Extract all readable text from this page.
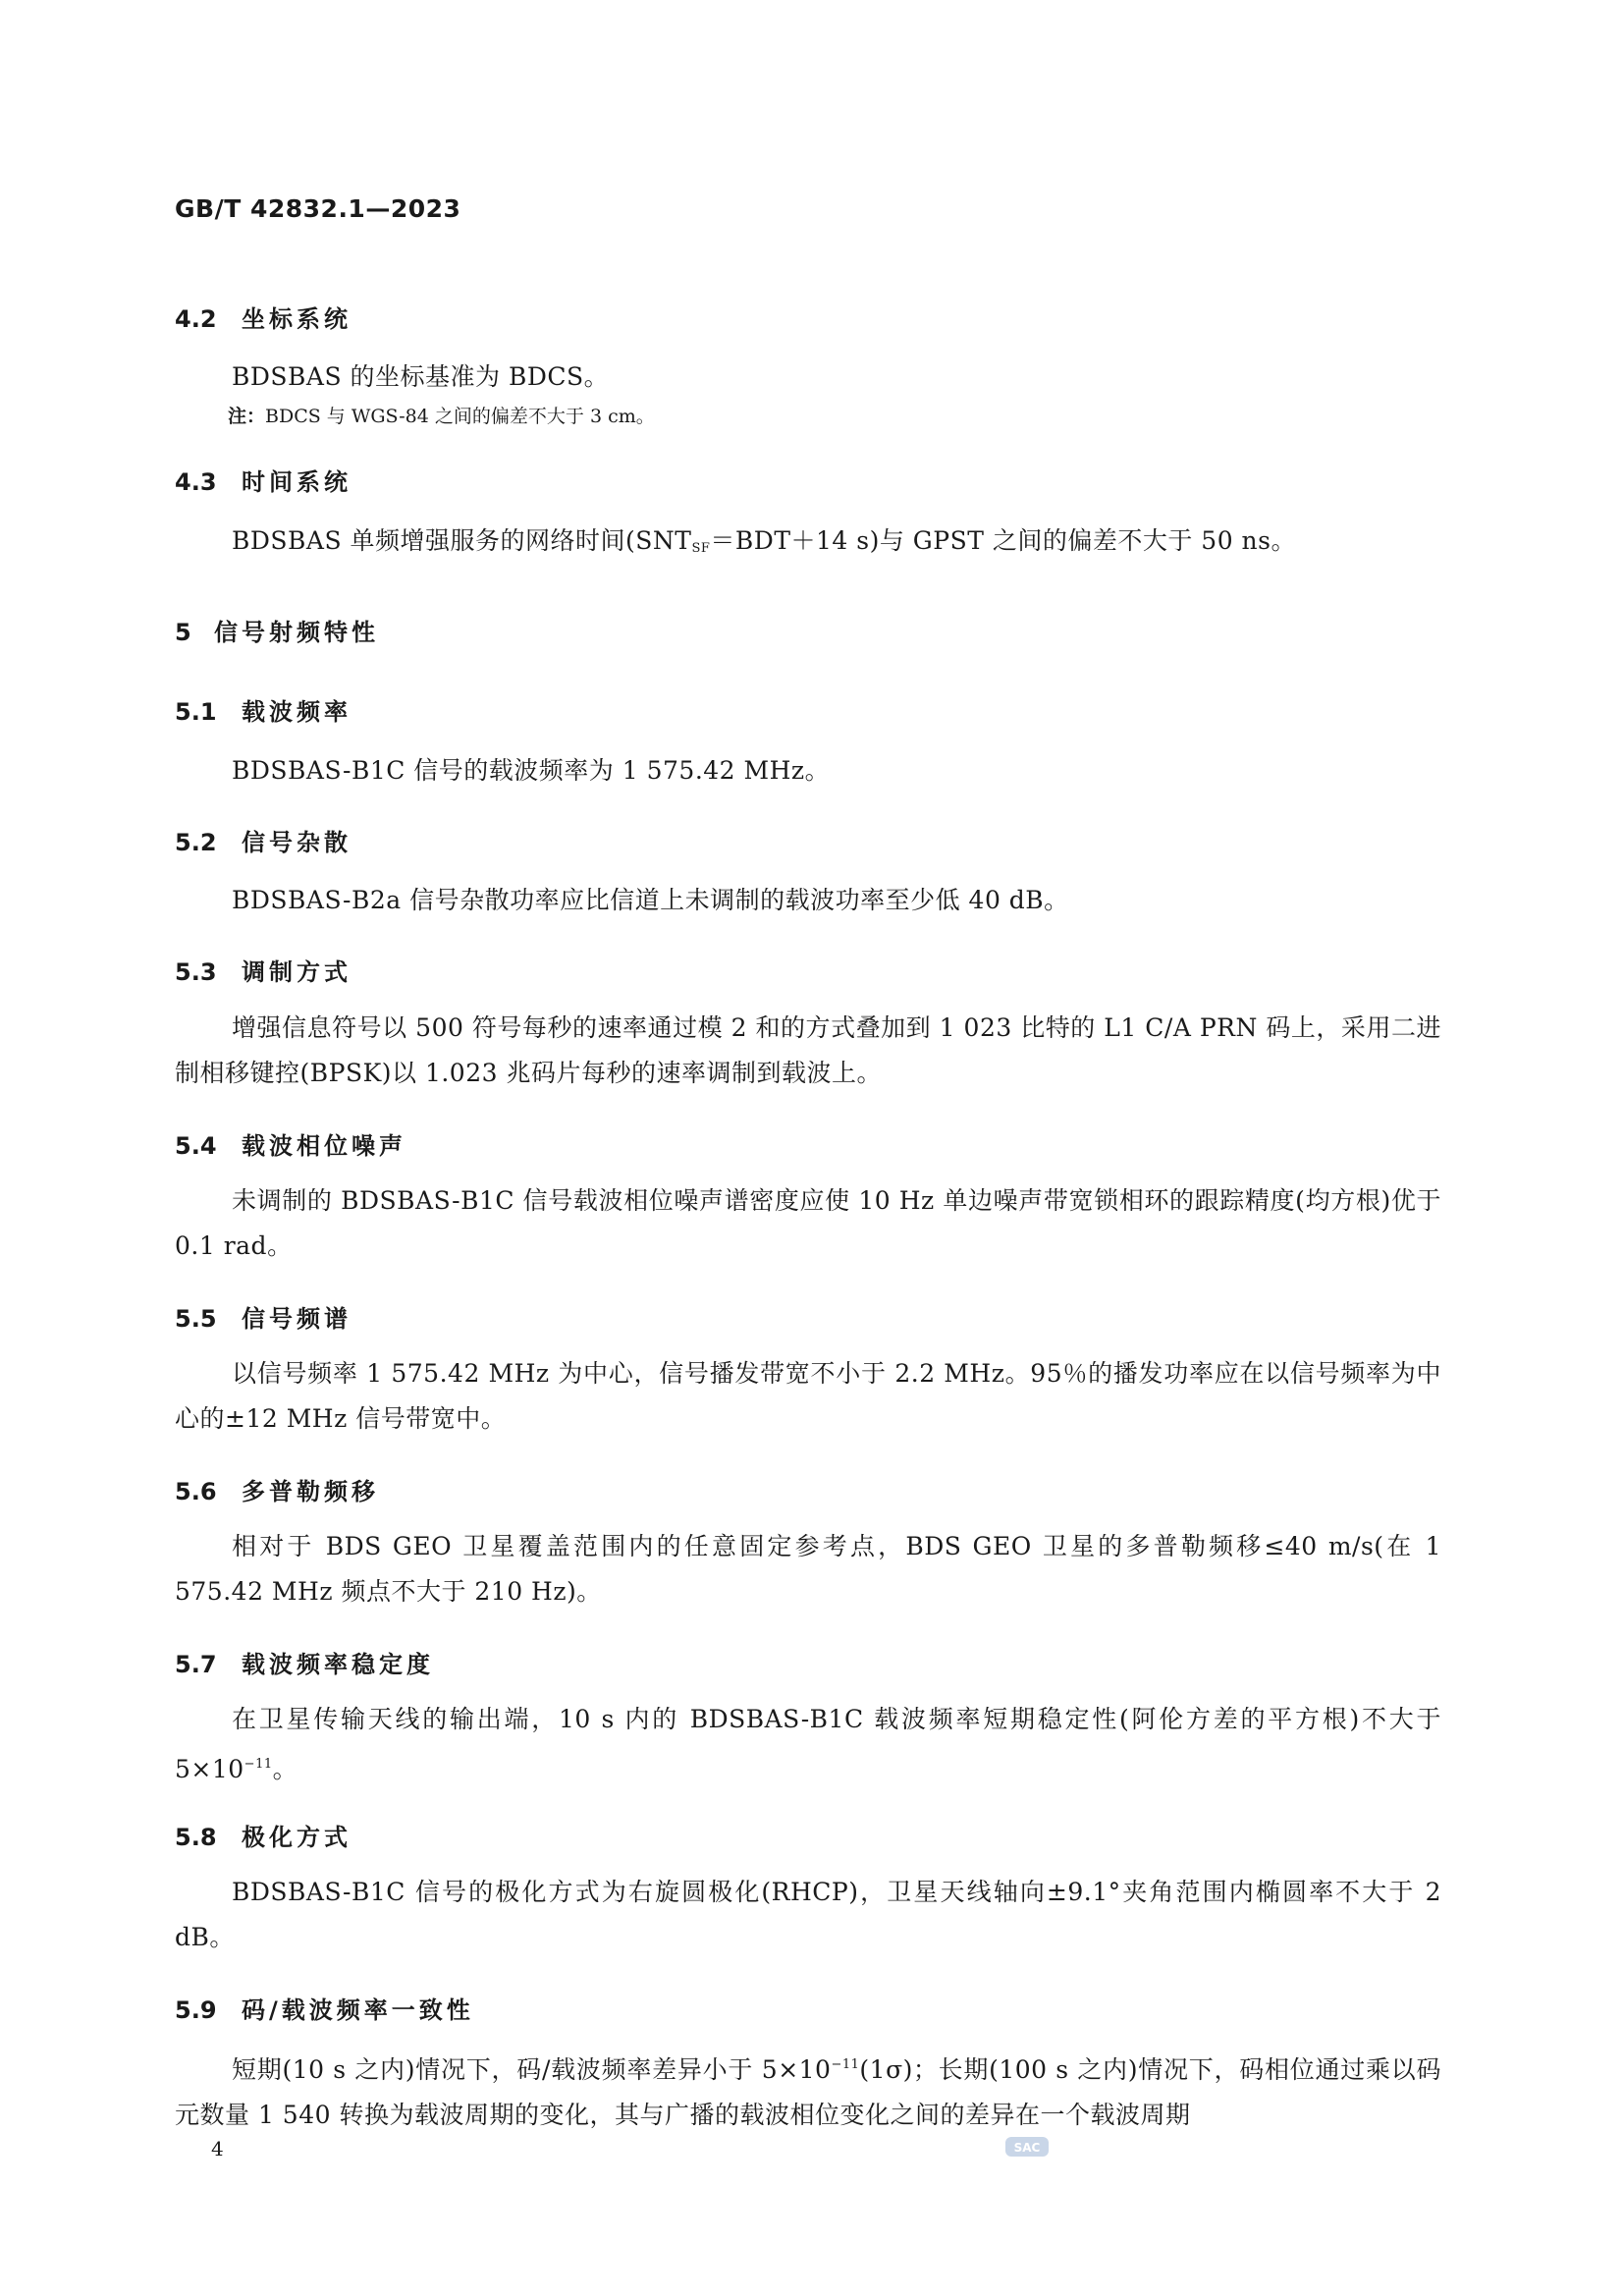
GB/T 42832.1—2023
4.2 坐标系统
BDSBAS 的坐标基准为 BDCS。
注：BDCS 与 WGS-84 之间的偏差不大于 3 cm。
4.3 时间系统
BDSBAS 单频增强服务的网络时间($SNT_{SF}=BDT+14$ s)与 GPST 之间的偏差不大于 50 ns。
5 信号射频特性
5.1 载波频率
BDSBAS-B1C 信号的载波频率为 1 575.42 MHz。
5.2 信号杂散
BDSBAS-B2a 信号杂散功率应比信道上未调制的载波功率至少低 40 dB。
5.3 调制方式
增强信息符号以 500 符号每秒的速率通过模 2 和的方式叠加到 1 023 比特的 L1 C/A PRN 码上，采用二进制相移键控(BPSK)以 1.023 兆码片每秒的速率调制到载波上。
5.4 载波相位噪声
未调制的 BDSBAS-B1C 信号载波相位噪声谱密度应使 10 Hz 单边噪声带宽锁相环的跟踪精度(均方根)优于 0.1 rad。
5.5 信号频谱
以信号频率 1 575.42 MHz 为中心，信号播发带宽不小于 2.2 MHz。95％的播发功率应在以信号频率为中心的±12 MHz 信号带宽中。
5.6 多普勒频移
相对于 BDS GEO 卫星覆盖范围内的任意固定参考点，BDS GEO 卫星的多普勒频移≤40 m/s(在 1 575.42 MHz 频点不大于 210 Hz)。
5.7 载波频率稳定度
在卫星传输天线的输出端，10 s 内的 BDSBAS-B1C 载波频率短期稳定性(阿伦方差的平方根)不大于 $5\times 10^{-11}$。
5.8 极化方式
BDSBAS-B1C 信号的极化方式为右旋圆极化(RHCP)，卫星天线轴向±9.1°夹角范围内椭圆率不大于 2 dB。
5.9 码/载波频率一致性
短期(10 s 之内)情况下，码/载波频率差异小于 $5\times 10^{-11}(1\sigma)$；长期(100 s 之内)情况下，码相位通过乘以码元数量 1 540 转换为载波周期的变化，其与广播的载波相位变化之间的差异在一个载波周期
4	SAC
